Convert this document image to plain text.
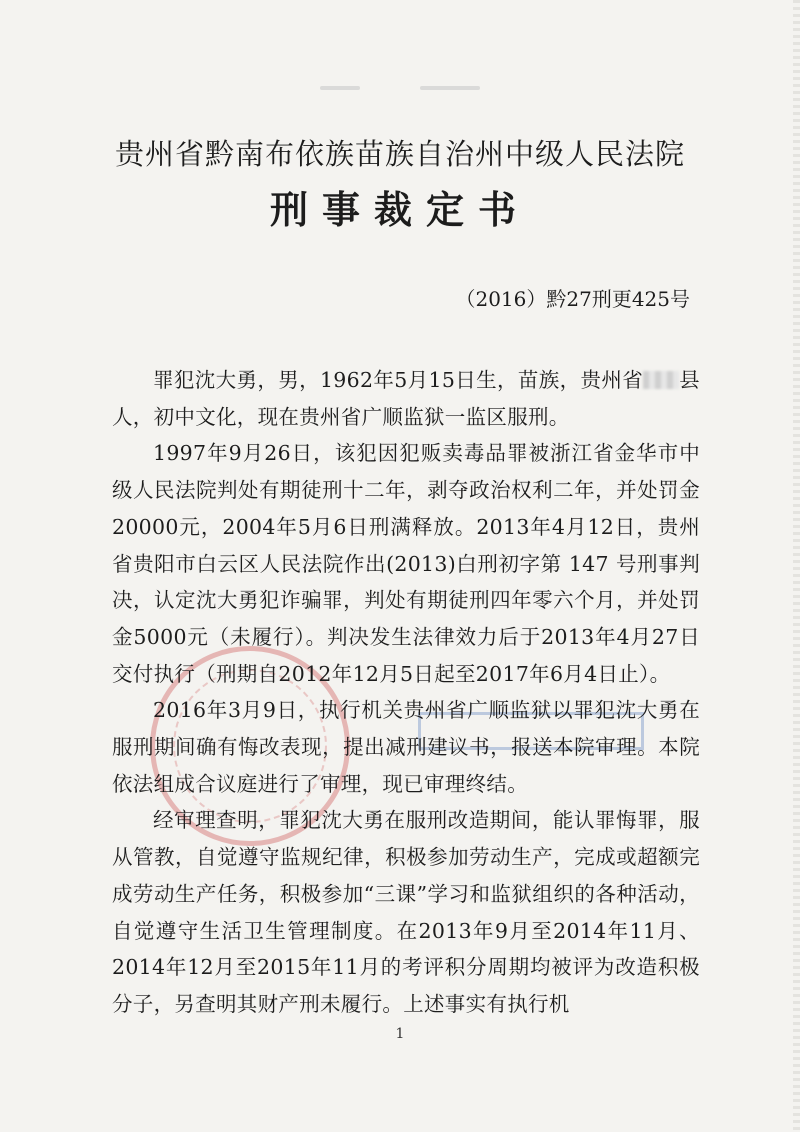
贵州省黔南布依族苗族自治州中级人民法院
刑事裁定书
（2016）黔27刑更425号

罪犯沈大勇，男，1962年5月15日生，苗族，贵州省 县人，初中文化，现在贵州省广顺监狱一监区服刑。

1997年9月26日，该犯因犯贩卖毒品罪被浙江省金华市中级人民法院判处有期徒刑十二年，剥夺政治权利二年，并处罚金20000元，2004年5月6日刑满释放。2013年4月12日，贵州省贵阳市白云区人民法院作出(2013)白刑初字第 147 号刑事判决，认定沈大勇犯诈骗罪，判处有期徒刑四年零六个月，并处罚金5000元（未履行）。判决发生法律效力后于2013年4月27日交付执行（刑期自2012年12月5日起至2017年6月4日止）。

2016年3月9日，执行机关贵州省广顺监狱以罪犯沈大勇在服刑期间确有悔改表现，提出减刑建议书，报送本院审理。本院依法组成合议庭进行了审理，现已审理终结。

经审理查明，罪犯沈大勇在服刑改造期间，能认罪悔罪，服从管教，自觉遵守监规纪律，积极参加劳动生产，完成或超额完成劳动生产任务，积极参加“三课”学习和监狱组织的各种活动，自觉遵守生活卫生管理制度。在2013年9月至2014年11月、2014年12月至2015年11月的考评积分周期均被评为改造积极分子，另查明其财产刑未履行。上述事实有执行机

1
